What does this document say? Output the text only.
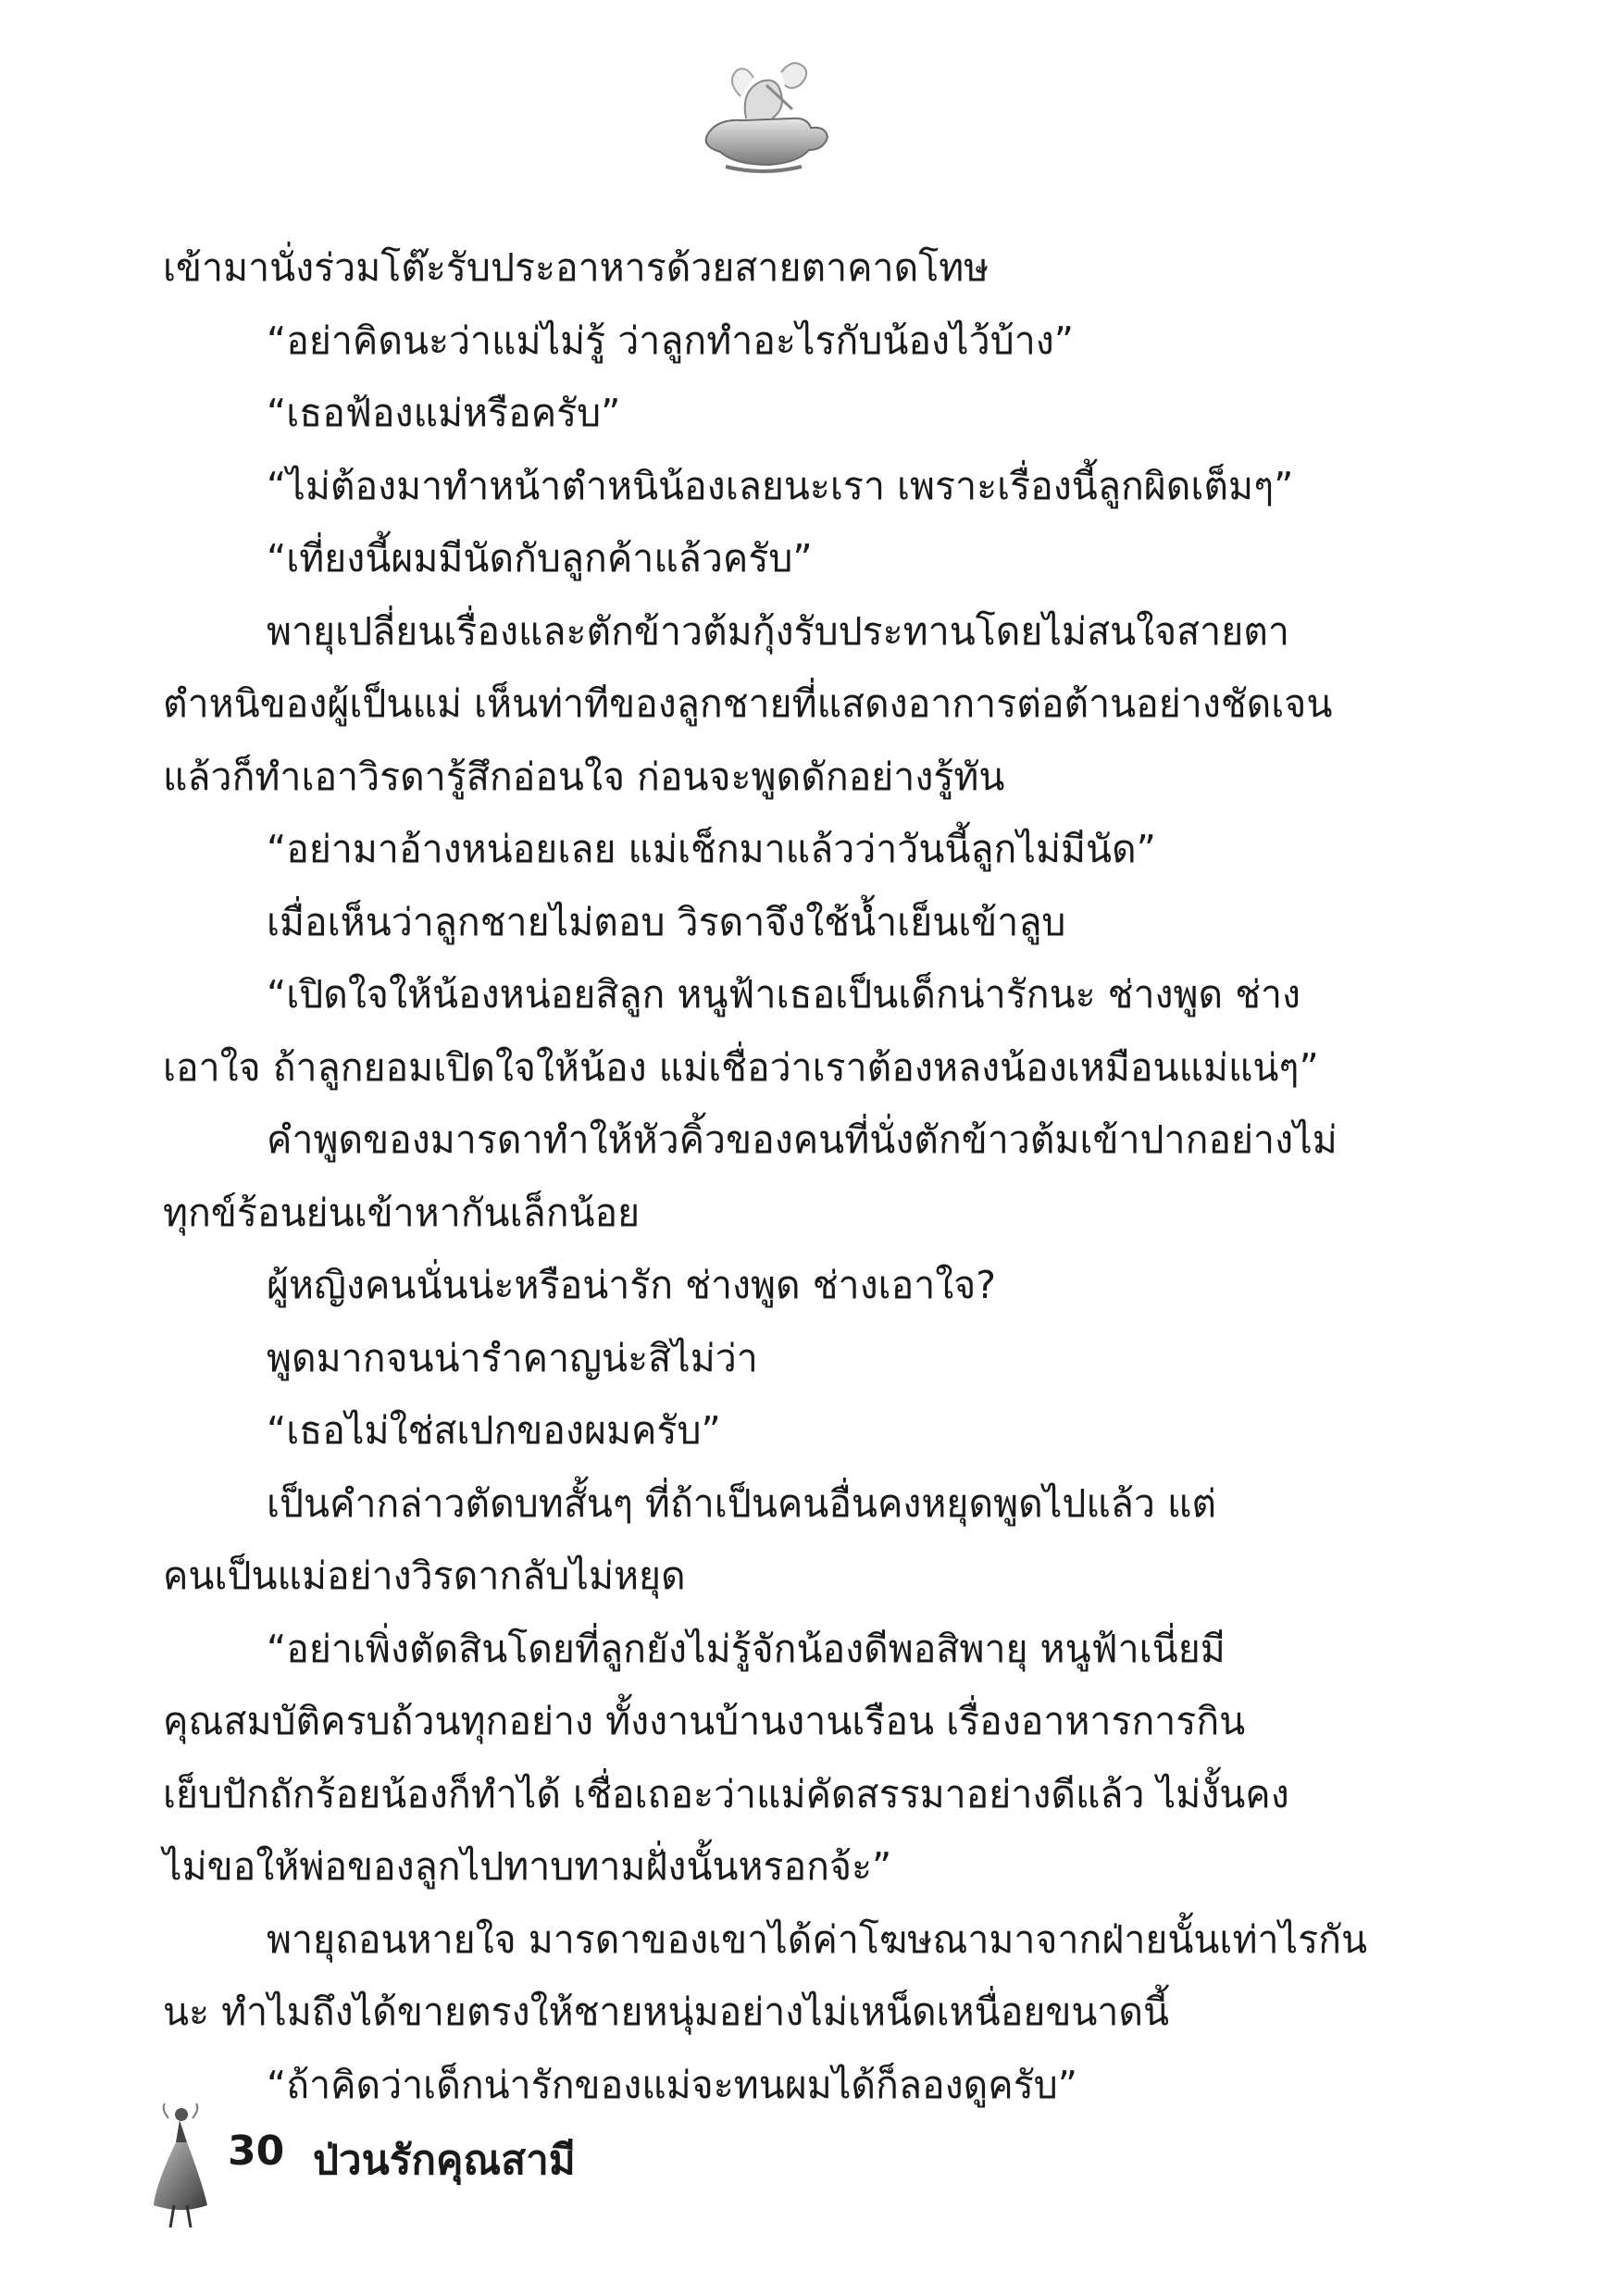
เข้ามานั่งร่วมโต๊ะรับประอาหารด้วยสายตาคาดโทษ
“อย่าคิดนะว่าแม่ไม่รู้ ว่าลูกทำอะไรกับน้องไว้บ้าง”
“เธอฟ้องแม่หรือครับ”
“ไม่ต้องมาทำหน้าตำหนิน้องเลยนะเรา เพราะเรื่องนี้ลูกผิดเต็มๆ”
“เที่ยงนี้ผมมีนัดกับลูกค้าแล้วครับ”
พายุเปลี่ยนเรื่องและตักข้าวต้มกุ้งรับประทานโดยไม่สนใจสายตา
ตำหนิของผู้เป็นแม่ เห็นท่าทีของลูกชายที่แสดงอาการต่อต้านอย่างชัดเจน
แล้วก็ทำเอาวิรดารู้สึกอ่อนใจ ก่อนจะพูดดักอย่างรู้ทัน
“อย่ามาอ้างหน่อยเลย แม่เช็กมาแล้วว่าวันนี้ลูกไม่มีนัด”
เมื่อเห็นว่าลูกชายไม่ตอบ วิรดาจึงใช้น้ำเย็นเข้าลูบ
“เปิดใจให้น้องหน่อยสิลูก หนูฟ้าเธอเป็นเด็กน่ารักนะ ช่างพูด ช่าง
เอาใจ ถ้าลูกยอมเปิดใจให้น้อง แม่เชื่อว่าเราต้องหลงน้องเหมือนแม่แน่ๆ”
คำพูดของมารดาทำให้หัวคิ้วของคนที่นั่งตักข้าวต้มเข้าปากอย่างไม่
ทุกข์ร้อนย่นเข้าหากันเล็กน้อย
ผู้หญิงคนนั่นน่ะหรือน่ารัก ช่างพูด ช่างเอาใจ?
พูดมากจนน่ารำคาญน่ะสิไม่ว่า
“เธอไม่ใช่สเปกของผมครับ”
เป็นคำกล่าวตัดบทสั้นๆ ที่ถ้าเป็นคนอื่นคงหยุดพูดไปแล้ว แต่
คนเป็นแม่อย่างวิรดากลับไม่หยุด
“อย่าเพิ่งตัดสินโดยที่ลูกยังไม่รู้จักน้องดีพอสิพายุ หนูฟ้าเนี่ยมี
คุณสมบัติครบถ้วนทุกอย่าง ทั้งงานบ้านงานเรือน เรื่องอาหารการกิน
เย็บปักถักร้อยน้องก็ทำได้ เชื่อเถอะว่าแม่คัดสรรมาอย่างดีแล้ว ไม่งั้นคง
ไม่ขอให้พ่อของลูกไปทาบทามฝั่งนั้นหรอกจ้ะ”
พายุถอนหายใจ มารดาของเขาได้ค่าโฆษณามาจากฝ่ายนั้นเท่าไรกัน
นะ ทำไมถึงได้ขายตรงให้ชายหนุ่มอย่างไม่เหน็ดเหนื่อยขนาดนี้
“ถ้าคิดว่าเด็กน่ารักของแม่จะทนผมได้ก็ลองดูครับ”
30 ป่วนรักคุณสามี
